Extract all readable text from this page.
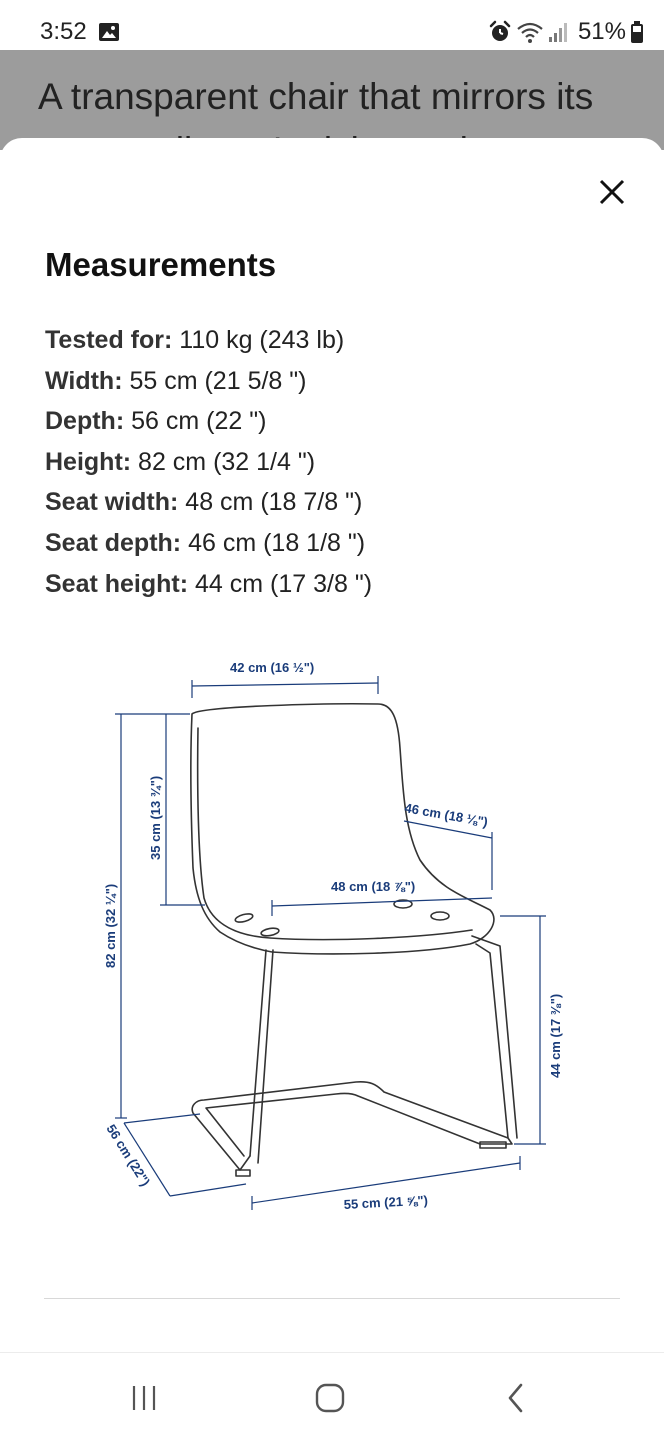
3:52	51%
A transparent chair that mirrors its
Measurements
Tested for: 110 kg (243 lb)
Width: 55 cm (21 5/8 ")
Depth: 56 cm (22 ")
Height: 82 cm (32 1/4 ")
Seat width: 48 cm (18 7/8 ")
Seat depth: 46 cm (18 1/8 ")
Seat height: 44 cm (17 3/8 ")
42 cm (16 ½")
35 cm (13 ¾")
82 cm (32 ¼")
46 cm (18 ⅛")
48 cm (18 ⅞")
44 cm (17 ⅜")
56 cm (22")
55 cm (21 ⅝")
